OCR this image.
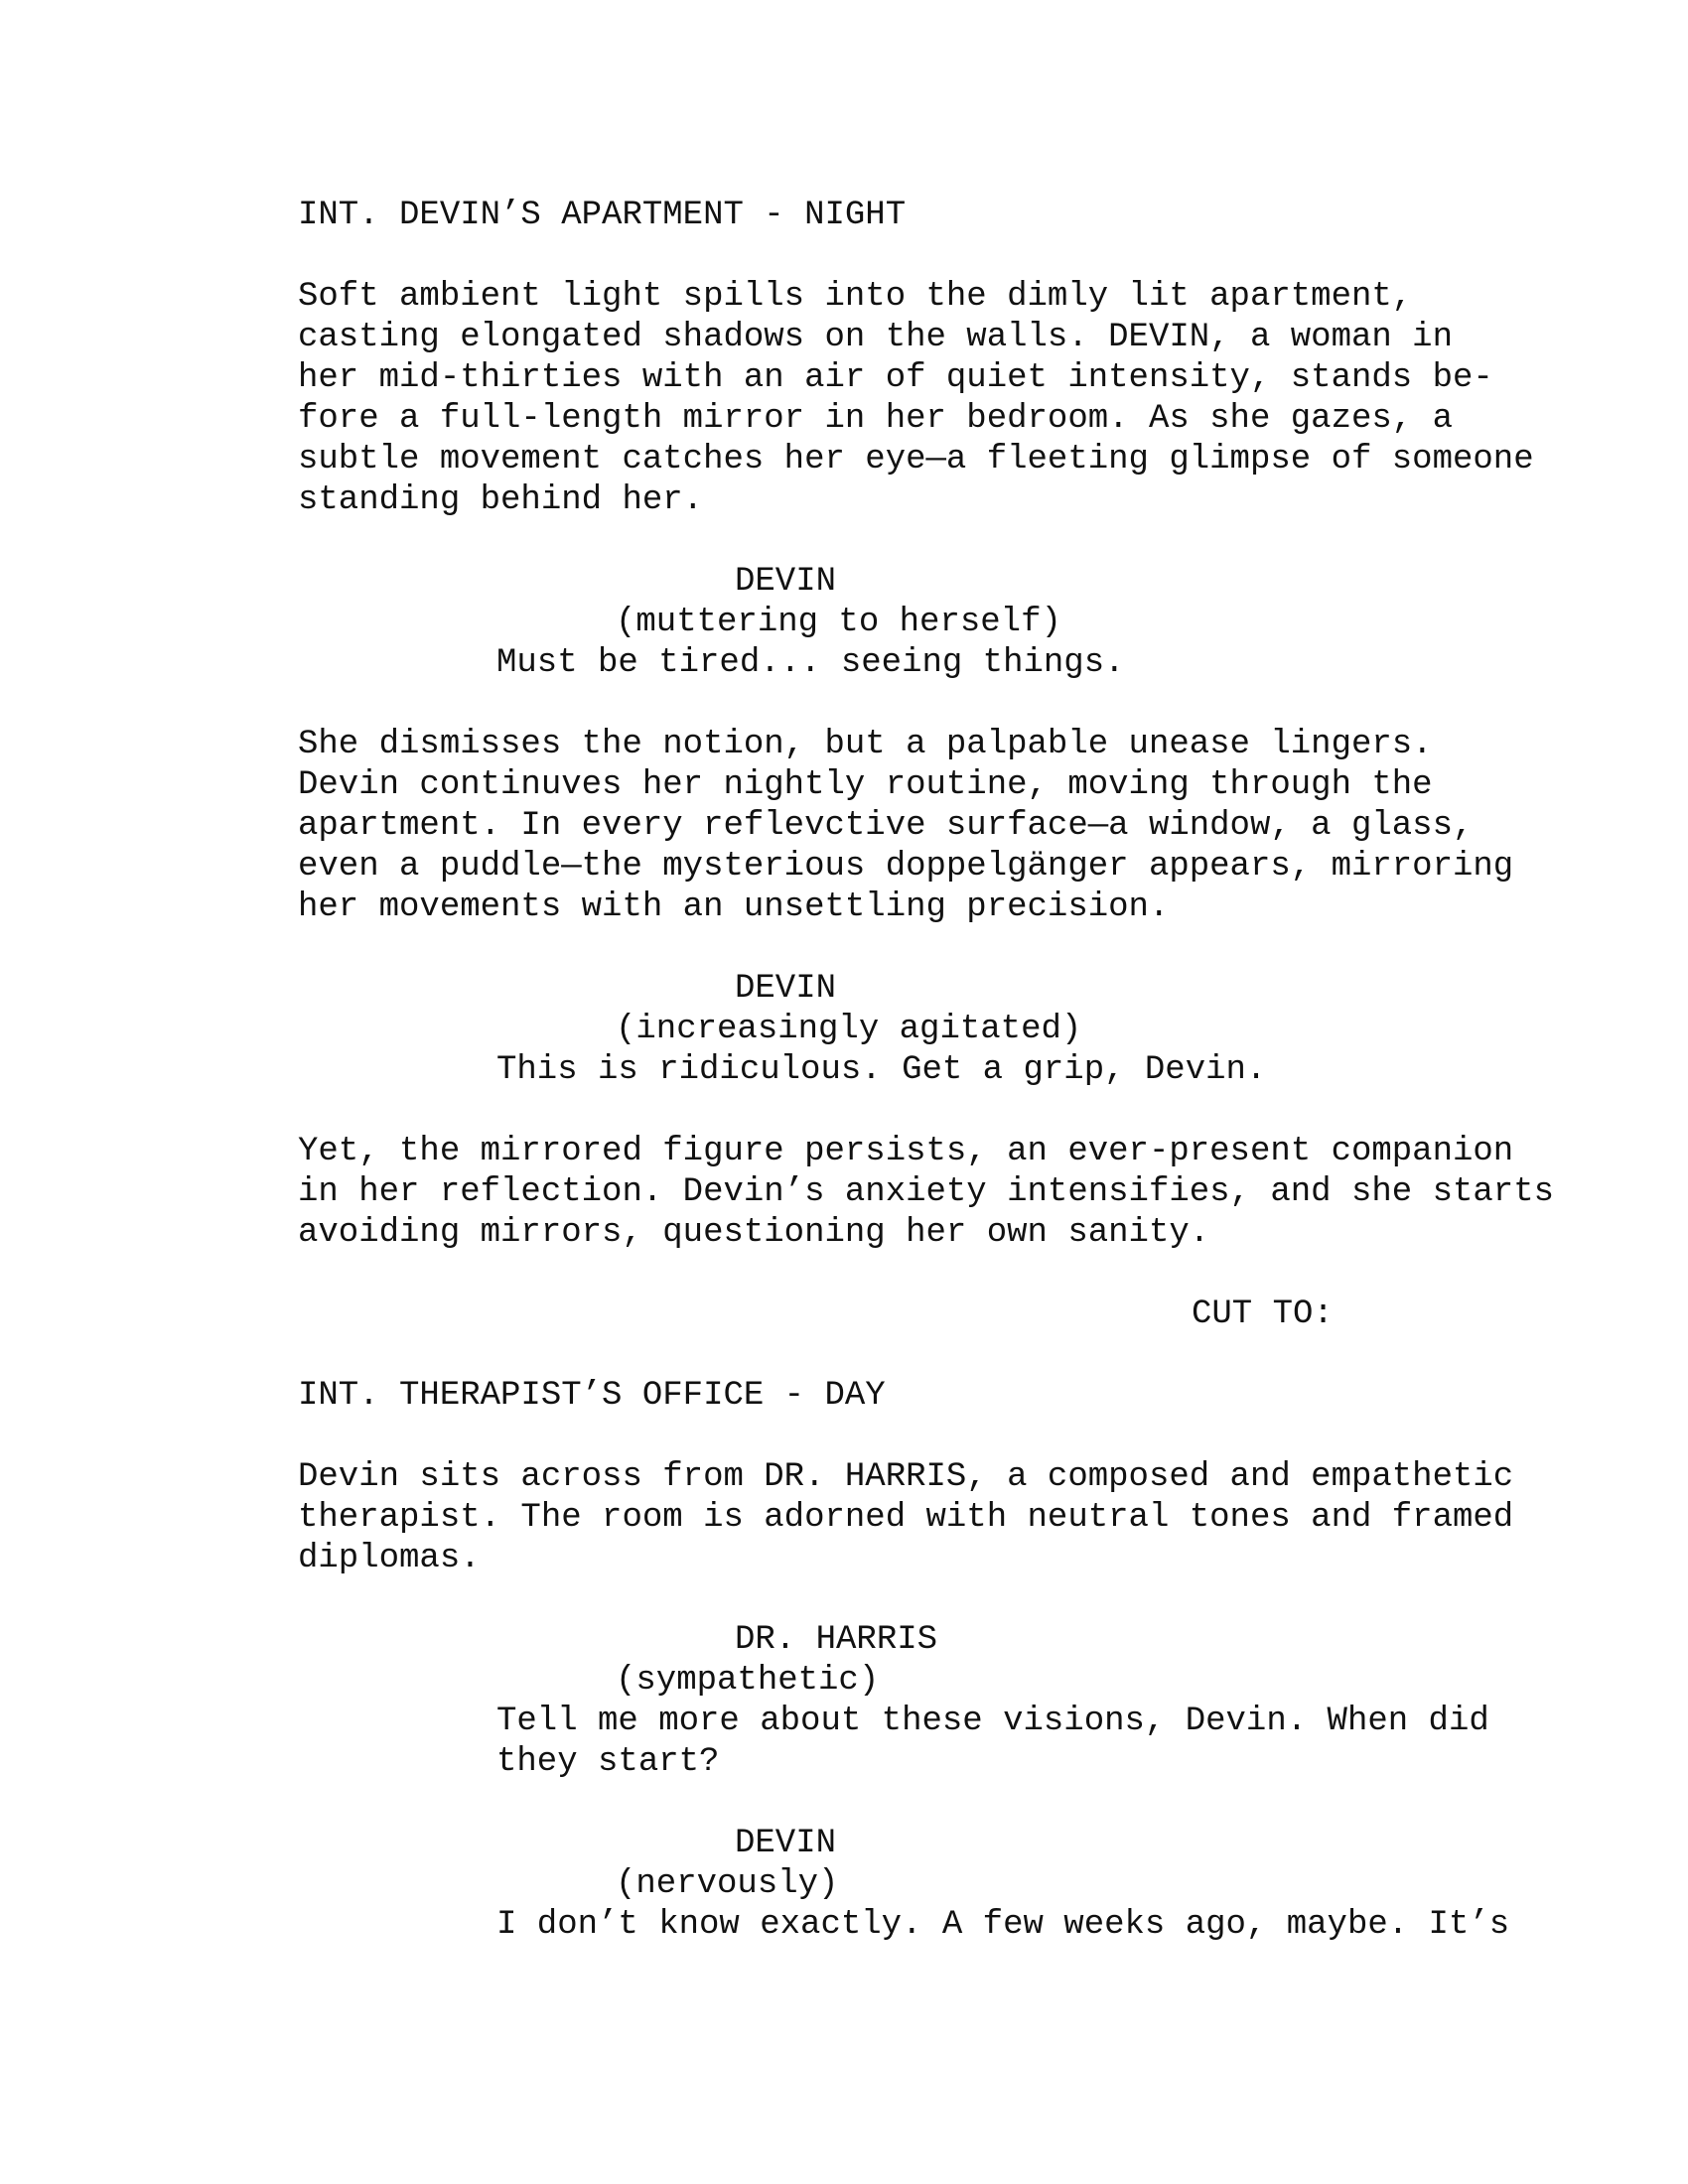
INT. DEVIN’S APARTMENT - NIGHT
Soft ambient light spills into the dimly lit apartment,
casting elongated shadows on the walls. DEVIN, a woman in
her mid-thirties with an air of quiet intensity, stands be-
fore a full-length mirror in her bedroom. As she gazes, a
subtle movement catches her eye—a fleeting glimpse of someone
standing behind her.
DEVIN
(muttering to herself)
Must be tired... seeing things.
She dismisses the notion, but a palpable unease lingers.
Devin continuves her nightly routine, moving through the
apartment. In every reflevctive surface—a window, a glass,
even a puddle—the mysterious doppelgänger appears, mirroring
her movements with an unsettling precision.
DEVIN
(increasingly agitated)
This is ridiculous. Get a grip, Devin.
Yet, the mirrored figure persists, an ever-present companion
in her reflection. Devin’s anxiety intensifies, and she starts
avoiding mirrors, questioning her own sanity.
CUT TO:
INT. THERAPIST’S OFFICE - DAY
Devin sits across from DR. HARRIS, a composed and empathetic
therapist. The room is adorned with neutral tones and framed
diplomas.
DR. HARRIS
(sympathetic)
Tell me more about these visions, Devin. When did
they start?
DEVIN
(nervously)
I don’t know exactly. A few weeks ago, maybe. It’s
